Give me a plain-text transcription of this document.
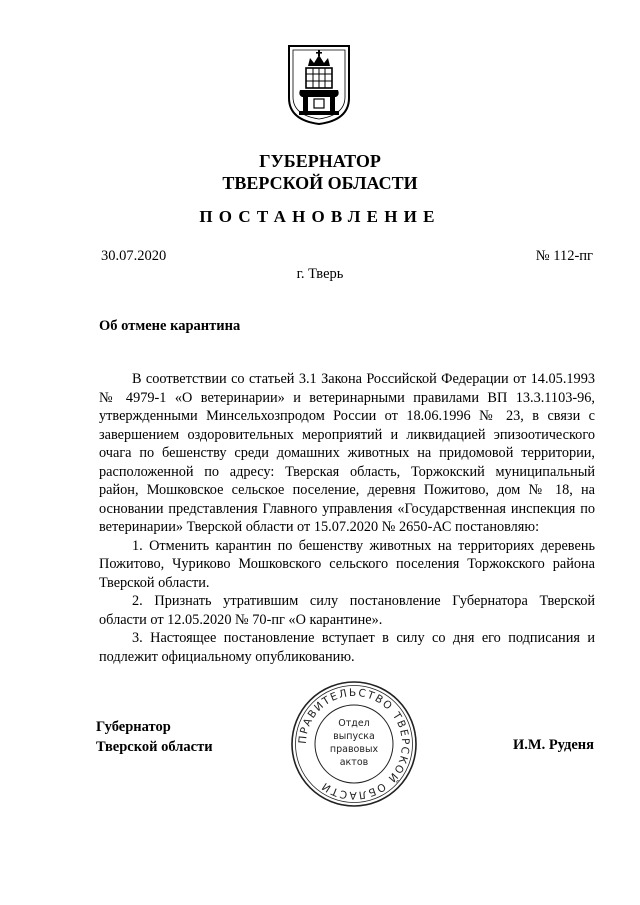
ГУБЕРНАТОР
ТВЕРСКОЙ ОБЛАСТИ
ПОСТАНОВЛЕНИЕ
30.07.2020	№ 112-пг
г. Тверь
Об отмене карантина

В соответствии со статьей 3.1 Закона Российской Федерации от 14.05.1993 № 4979-1 «О ветеринарии» и ветеринарными правилами ВП 13.3.1103-96, утвержденными Минсельхозпродом России от 18.06.1996 № 23, в связи с завершением оздоровительных мероприятий и ликвидацией эпизоотического очага по бешенству среди домашних животных на придомовой территории, расположенной по адресу: Тверская область, Торжокский муниципальный район, Мошковское сельское поселение, деревня Пожитово, дом № 18, на основании представления Главного управления «Государственная инспекция по ветеринарии» Тверской области от 15.07.2020 № 2650-АС постановляю:

1. Отменить карантин по бешенству животных на территориях деревень Пожитово, Чуриково Мошковского сельского поселения Торжокского района Тверской области.

2. Признать утратившим силу постановление Губернатора Тверской области от 12.05.2020 № 70-пг «О карантине».

3. Настоящее постановление вступает в силу со дня его подписания и подлежит официальному опубликованию.

Губернатор
Тверской области	ПРАВИТЕЛЬСТВО ТВЕРСКОЙ ОБЛАСТИ
Отдел
выпуска
правовых
актов
И.М. Руденя
